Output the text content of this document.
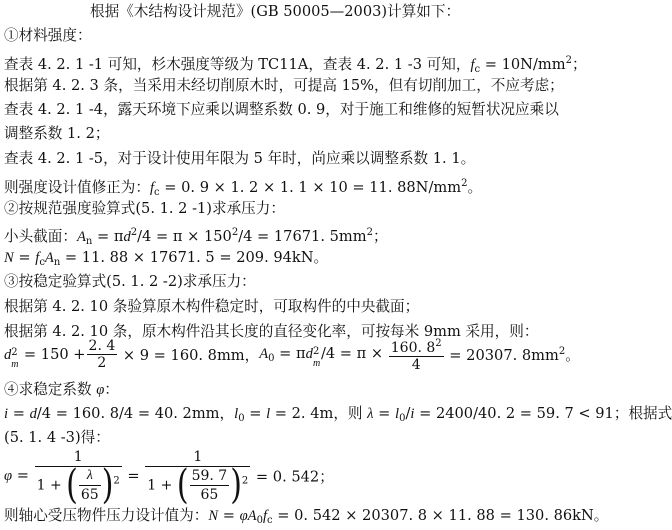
根据《木结构设计规范》(GB 50005—2003)计算如下：
①材料强度：
查表 4. 2. 1 -1 可知，杉木强度等级为 TC11A，查表 4. 2. 1 -3 可知，$f_c = 10N/mm^2$；
根据第 4. 2. 3 条，当采用未经切削原木时，可提高 15%，但有切削加工，不应考虑；
查表 4. 2. 1 -4，露天环境下应乘以调整系数 0. 9，对于施工和维修的短暂状况应乘以
调整系数 1. 2；
查表 4. 2. 1 -5，对于设计使用年限为 5 年时，尚应乘以调整系数 1. 1。
则强度设计值修正为：$f_c = 0$. 9 × 1. 2 × 1. 1 × 10 = 11. $88N/mm^2$。
②按规范强度验算式(5. 1. 2 -1)求承压力：
小头截面：$A_n = \pi d^2/4 = \pi \times 150^2/4 = 17671$. $5mm^2$；
$N = f_cA_n = 11$. 88 × 17671. 5 = 209. 94kN。
③按稳定验算式(5. 1. 2 -2)求承压力：
根据第 4. 2. 10 条验算原木构件稳定时，可取构件的中央截面；
根据第 4. 2. 10 条，原木构件沿其长度的直径变化率，可按每米 9mm 采用，则：
d 2
m
= $150 + \frac{2. 4}{2} \times 9 = 160$. 8mm，$A_0 = \pi d$ 2
m
$/4 = \pi \times \frac{160. 8^2}{4} = 20307$. $8mm^2$。
④求稳定系数 φ：
i = d/4 = 160. 8/4 = 40. 2mm，$l_0 = l = 2$. 4m，则 $\lambda = l_0/i = 2400/40$. 2 = 59. 7 < 91；根据式
(5. 1. 4 -3)得：
$\varphi = \frac{1}{1 + ( \frac{\lambda}{65} )^2} = \frac{1}{1 + ( \frac{59. 7}{65} )^2} = 0$. 542；
则轴心受压物件压力设计值为：$N = \varphi A_0f_c = 0$. 542 × 20307. 8 × 11. 88 = 130. 86kN。
